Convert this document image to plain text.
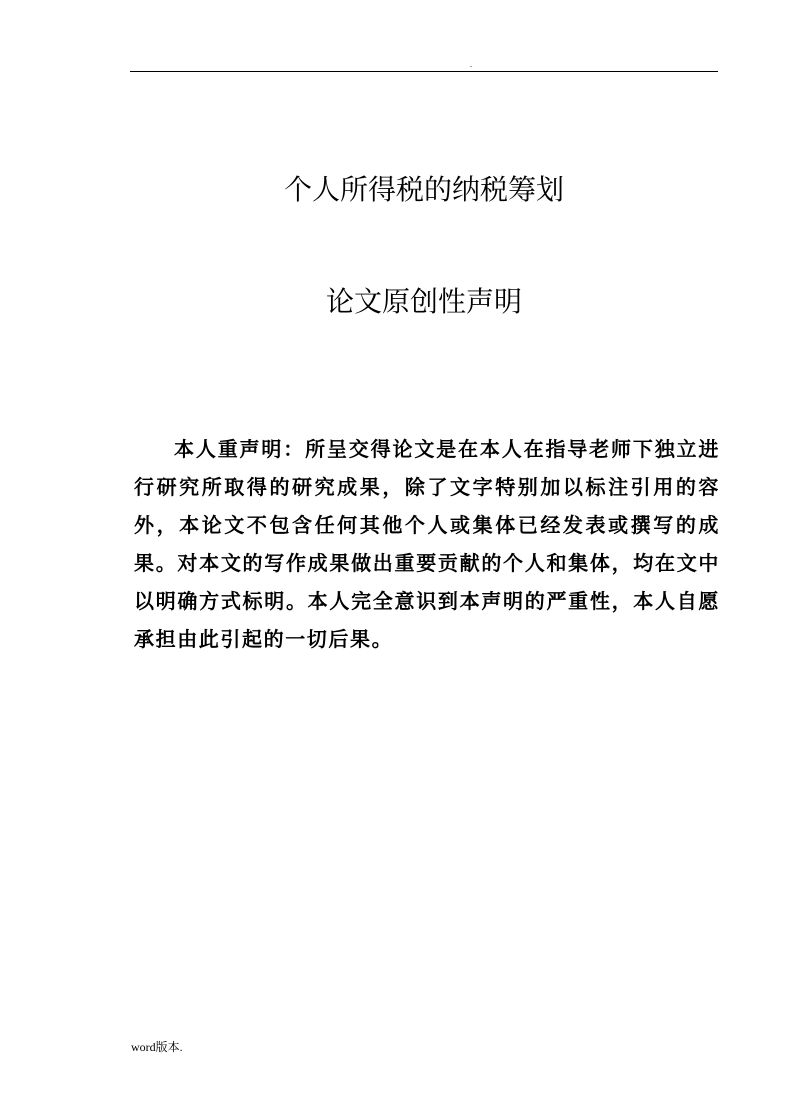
.
个人所得税的纳税筹划
论文原创性声明

本人重声明：所呈交得论文是在本人在指导老师下独立进行研究所取得的研究成果，除了文字特别加以标注引用的容外，本论文不包含任何其他个人或集体已经发表或撰写的成果。对本文的写作成果做出重要贡献的个人和集体，均在文中以明确方式标明。本人完全意识到本声明的严重性，本人自愿承担由此引起的一切后果。

word版本.
